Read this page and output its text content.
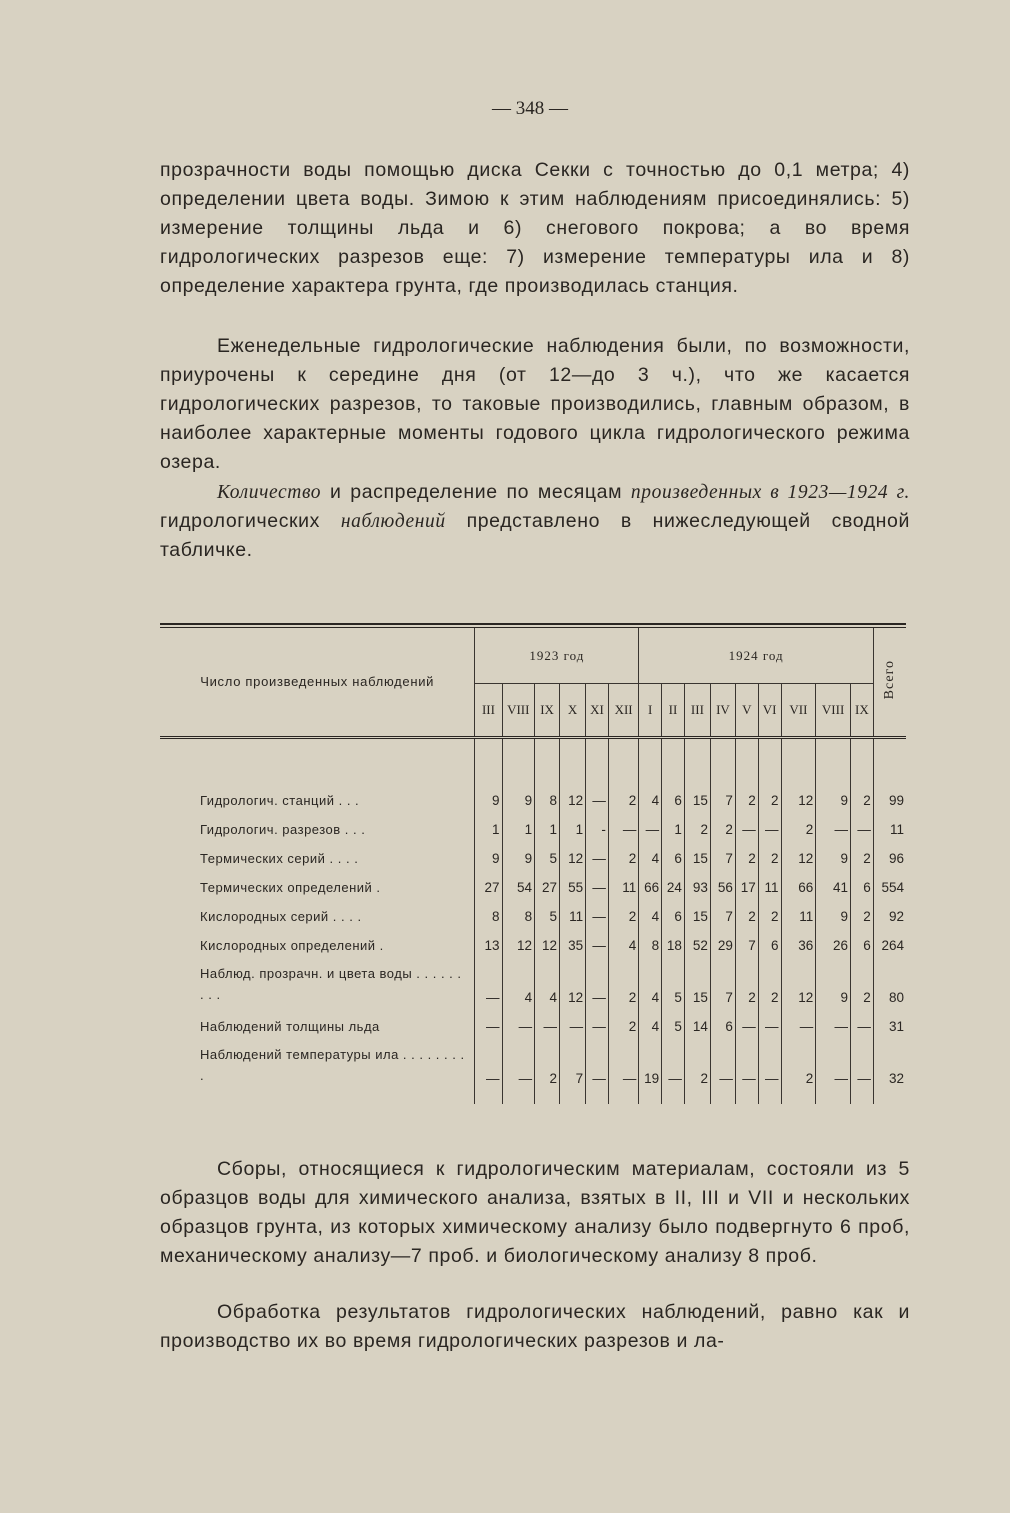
— 348 —

прозрачности воды помощью диска Секки с точностью до 0,1 метра; 4) определении цвета воды. Зимою к этим наблюдениям присоединялись: 5) измерение толщины льда и 6) снегового покрова; а во время гидрологических разрезов еще: 7) измерение температуры ила и 8) определение характера грунта, где производилась станция.

Еженедельные гидрологические наблюдения были, по возможности, приурочены к середине дня (от 12—до 3 ч.), что же касается гидрологических разрезов, то таковые производились, главным образом, в наиболее характерные моменты годового цикла гидрологического режима озера.

Количество и распределение по месяцам произведенных в 1923—1924 г. гидрологических наблюдений представлено в нижеследующей сводной табличке.

Число произведенных наблюдений	1923 год						1924 год									Всего
	III	VIII	IX	X	XI	XII	I	II	III	IV	V	VI	VII	VIII	IX	

Гидрологич. станций . . .	9	9	8	12	—	2	4	6	15	7	2	2	12	9	2	99
Гидрологич. разрезов . . .	1	1	1	1	-	—	—	1	2	2	—	—	2	—	—	11
Термических серий . . . .	9	9	5	12	—	2	4	6	15	7	2	2	12	9	2	96
Термических определений .	27	54	27	55	—	11	66	24	93	56	17	11	66	41	6	554
Кислородных серий . . . .	8	8	5	11	—	2	4	6	15	7	2	2	11	9	2	92
Кислородных определений .	13	12	12	35	—	4	8	18	52	29	7	6	36	26	6	264
Наблюд. прозрачн. и цвета воды . . . . . . . . .	—	4	4	12	—	2	4	5	15	7	2	2	12	9	2	80
Наблюдений толщины льда	—	—	—	—	—	2	4	5	14	6	—	—	—	—	—	31
Наблюдений температуры ила . . . . . . . . .	—	—	2	7	—	—	19	—	2	—	—	—	2	—	—	32

Сборы, относящиеся к гидрологическим материалам, состояли из 5 образцов воды для химического анализа, взятых в II, III и VII и нескольких образцов грунта, из которых химическому анализу было подвергнуто 6 проб, механическому анализу—7 проб. и биологическому анализу 8 проб.

Обработка результатов гидрологических наблюдений, равно как и производство их во время гидрологических разрезов и ла-
